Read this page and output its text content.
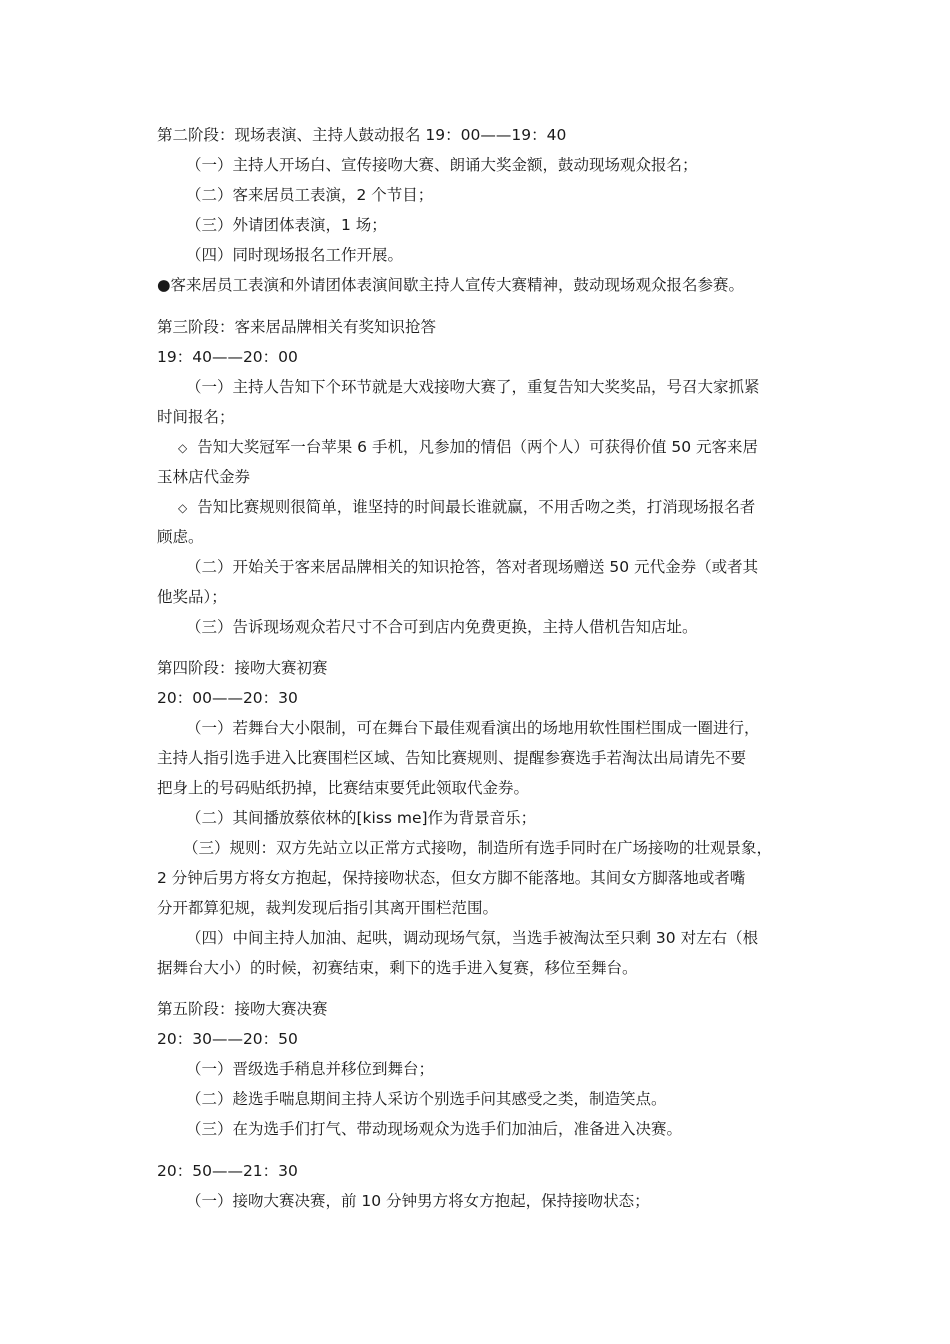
第二阶段：现场表演、主持人鼓动报名 19：00——19：40
（一）主持人开场白、宣传接吻大赛、朗诵大奖金额，鼓动现场观众报名；
（二）客来居员工表演，2 个节目；
（三）外请团体表演，1 场；
（四）同时现场报名工作开展。
●客来居员工表演和外请团体表演间歇主持人宣传大赛精神，鼓动现场观众报名参赛。
第三阶段：客来居品牌相关有奖知识抢答
19：40——20：00
（一）主持人告知下个环节就是大戏接吻大赛了，重复告知大奖奖品，号召大家抓紧
时间报名；
◇ 告知大奖冠军一台苹果 6 手机，凡参加的情侣（两个人）可获得价值 50 元客来居
玉林店代金券
◇ 告知比赛规则很简单，谁坚持的时间最长谁就赢，不用舌吻之类，打消现场报名者
顾虑。
（二）开始关于客来居品牌相关的知识抢答，答对者现场赠送 50 元代金券（或者其
他奖品）；
（三）告诉现场观众若尺寸不合可到店内免费更换，主持人借机告知店址。
第四阶段：接吻大赛初赛
20：00——20：30
（一）若舞台大小限制，可在舞台下最佳观看演出的场地用软性围栏围成一圈进行，
主持人指引选手进入比赛围栏区域、告知比赛规则、提醒参赛选手若淘汰出局请先不要
把身上的号码贴纸扔掉，比赛结束要凭此领取代金券。
（二）其间播放蔡依林的[kiss me]作为背景音乐；
（三）规则：双方先站立以正常方式接吻，制造所有选手同时在广场接吻的壮观景象，
2 分钟后男方将女方抱起，保持接吻状态，但女方脚不能落地。其间女方脚落地或者嘴
分开都算犯规，裁判发现后指引其离开围栏范围。
（四）中间主持人加油、起哄，调动现场气氛，当选手被淘汰至只剩 30 对左右（根
据舞台大小）的时候，初赛结束，剩下的选手进入复赛，移位至舞台。
第五阶段：接吻大赛决赛
20：30——20：50
（一）晋级选手稍息并移位到舞台；
（二）趁选手喘息期间主持人采访个别选手问其感受之类，制造笑点。
（三）在为选手们打气、带动现场观众为选手们加油后，准备进入决赛。
20：50——21：30
（一）接吻大赛决赛，前 10 分钟男方将女方抱起，保持接吻状态；
